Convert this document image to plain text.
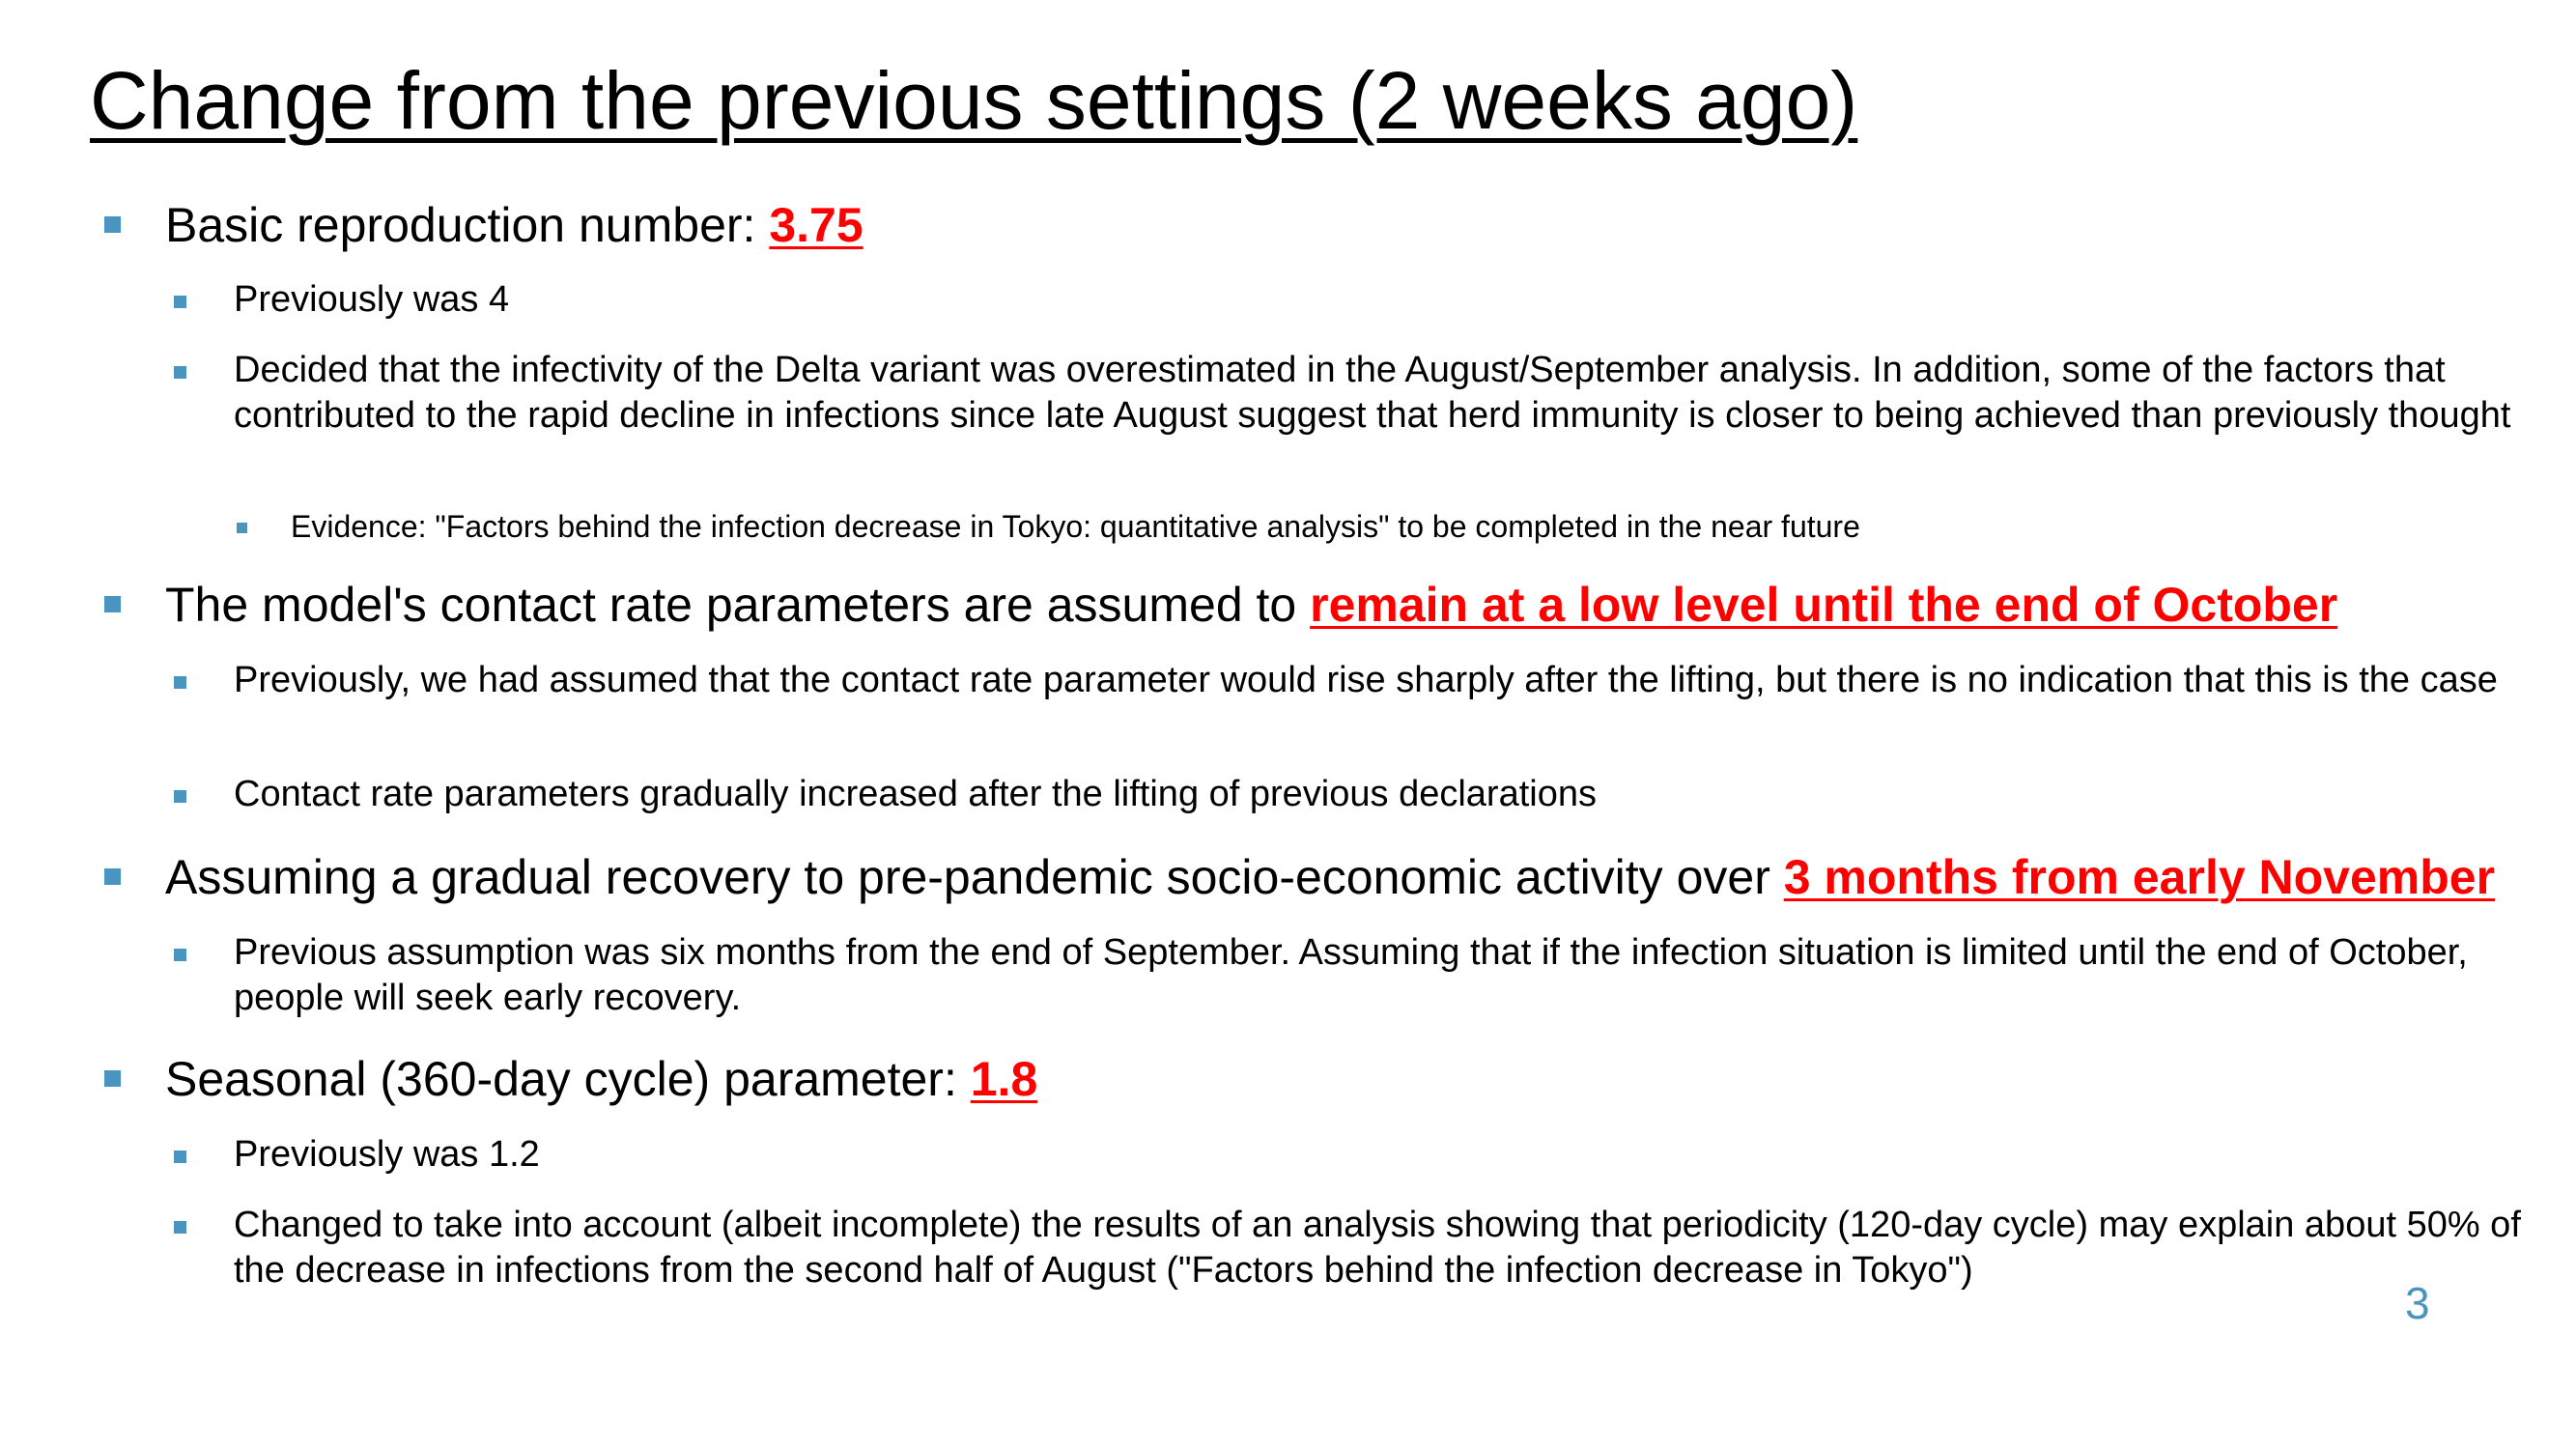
Change from the previous settings (2 weeks ago)
Basic reproduction number: 3.75
Previously was 4
Decided that the infectivity of the Delta variant was overestimated in the August/September analysis. In addition, some of the factors that contributed to the rapid decline in infections since late August suggest that herd immunity is closer to being achieved than previously thought
Evidence: "Factors behind the infection decrease in Tokyo: quantitative analysis" to be completed in the near future
The model's contact rate parameters are assumed to remain at a low level until the end of October
Previously, we had assumed that the contact rate parameter would rise sharply after the lifting, but there is no indication that this is the case
Contact rate parameters gradually increased after the lifting of previous declarations
Assuming a gradual recovery to pre-pandemic socio-economic activity over 3 months from early November
Previous assumption was six months from the end of September. Assuming that if the infection situation is limited until the end of October, people will seek early recovery.
Seasonal (360-day cycle) parameter: 1.8
Previously was 1.2
Changed to take into account (albeit incomplete) the results of an analysis showing that periodicity (120-day cycle) may explain about 50% of the decrease in infections from the second half of August ("Factors behind the infection decrease in Tokyo")
3
